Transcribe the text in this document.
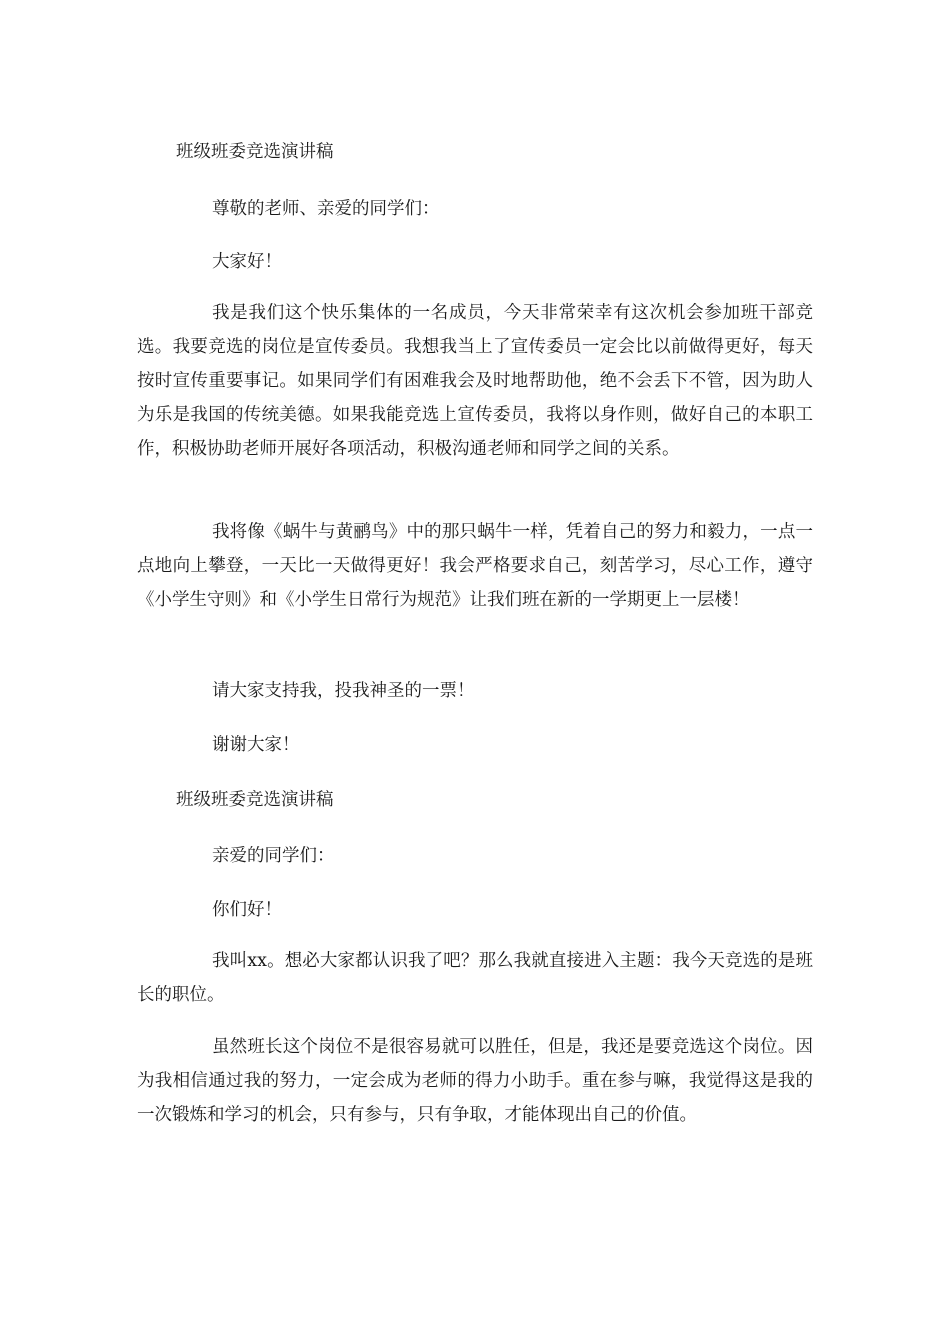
班级班委竞选演讲稿
尊敬的老师、亲爱的同学们：
大家好！
我是我们这个快乐集体的一名成员，今天非常荣幸有这次机会参加班干部竞选。我要竞选的岗位是宣传委员。我想我当上了宣传委员一定会比以前做得更好，每天按时宣传重要事记。如果同学们有困难我会及时地帮助他，绝不会丢下不管，因为助人为乐是我国的传统美德。如果我能竞选上宣传委员，我将以身作则，做好自己的本职工作，积极协助老师开展好各项活动，积极沟通老师和同学之间的关系。
我将像《蜗牛与黄鹂鸟》中的那只蜗牛一样，凭着自己的努力和毅力，一点一点地向上攀登，一天比一天做得更好！我会严格要求自己，刻苦学习，尽心工作，遵守《小学生守则》和《小学生日常行为规范》让我们班在新的一学期更上一层楼！
请大家支持我，投我神圣的一票！
谢谢大家！
班级班委竞选演讲稿
亲爱的同学们：
你们好！
我叫xx。想必大家都认识我了吧？那么我就直接进入主题：我今天竞选的是班长的职位。
虽然班长这个岗位不是很容易就可以胜任，但是，我还是要竞选这个岗位。因为我相信通过我的努力，一定会成为老师的得力小助手。重在参与嘛，我觉得这是我的一次锻炼和学习的机会，只有参与，只有争取，才能体现出自己的价值。
